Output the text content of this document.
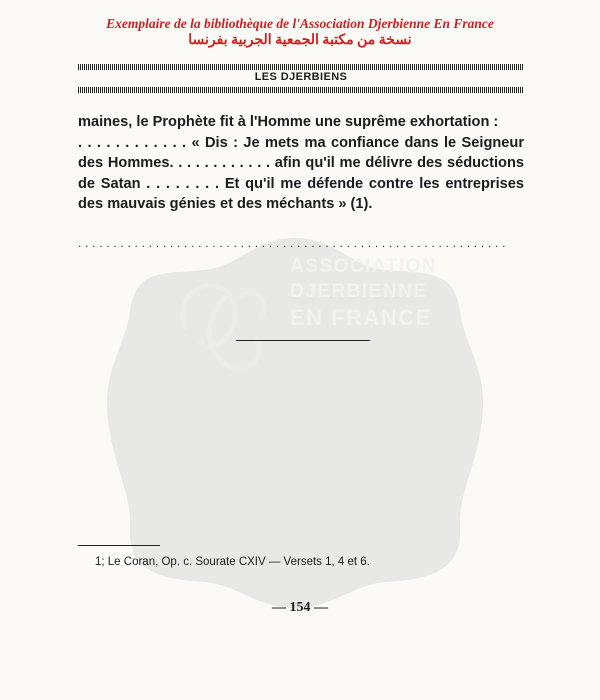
ASSOCIATION
DJERBIENNE
EN FRANCE
Exemplaire de la bibliothèque de l'Association Djerbienne En France
نسخة من مكتبة الجمعية الجربية بفرنسا
LES DJERBIENS

maines, le Prophète fit à l'Homme une suprême exhortation :

. . . . . . . . . . . . « Dis : Je mets ma confiance dans le Seigneur des Hommes. . . . . . . . . . . . afin qu'il me délivre des séductions de Satan . . . . . . . . Et qu'il me défende contre les entreprises des mauvais génies et des méchants » (1).

. . . . . . . . . . . . . . . . . . . . . . . . . . . . . . . . . . . . . . . . . . . . . . . . . . . . . . . . . . . . .
1; Le Coran, Op. c. Sourate CXIV — Versets 1, 4 et 6.
— 154 —
